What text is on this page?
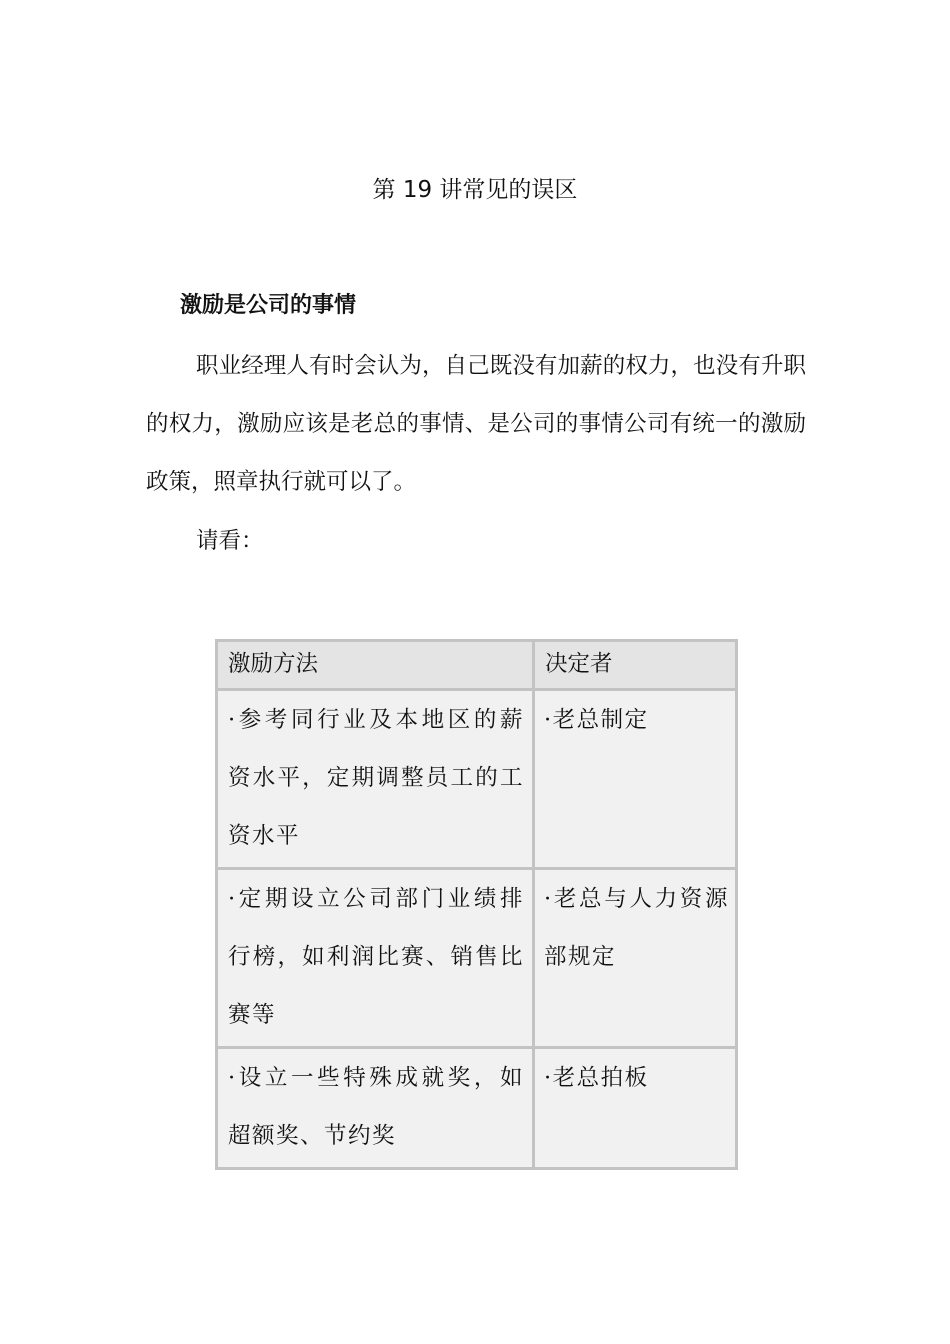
第 19 讲常见的误区
激励是公司的事情

职业经理人有时会认为，自己既没有加薪的权力，也没有升职的权力，激励应该是老总的事情、是公司的事情公司有统一的激励政策，照章执行就可以了。

请看：

激励方法	决定者
·参考同行业及本地区的薪资水平，定期调整员工的工资水平	·老总制定
·定期设立公司部门业绩排行榜，如利润比赛、销售比赛等	·老总与人力资源部规定
·设立一些特殊成就奖，如超额奖、节约奖	·老总拍板
